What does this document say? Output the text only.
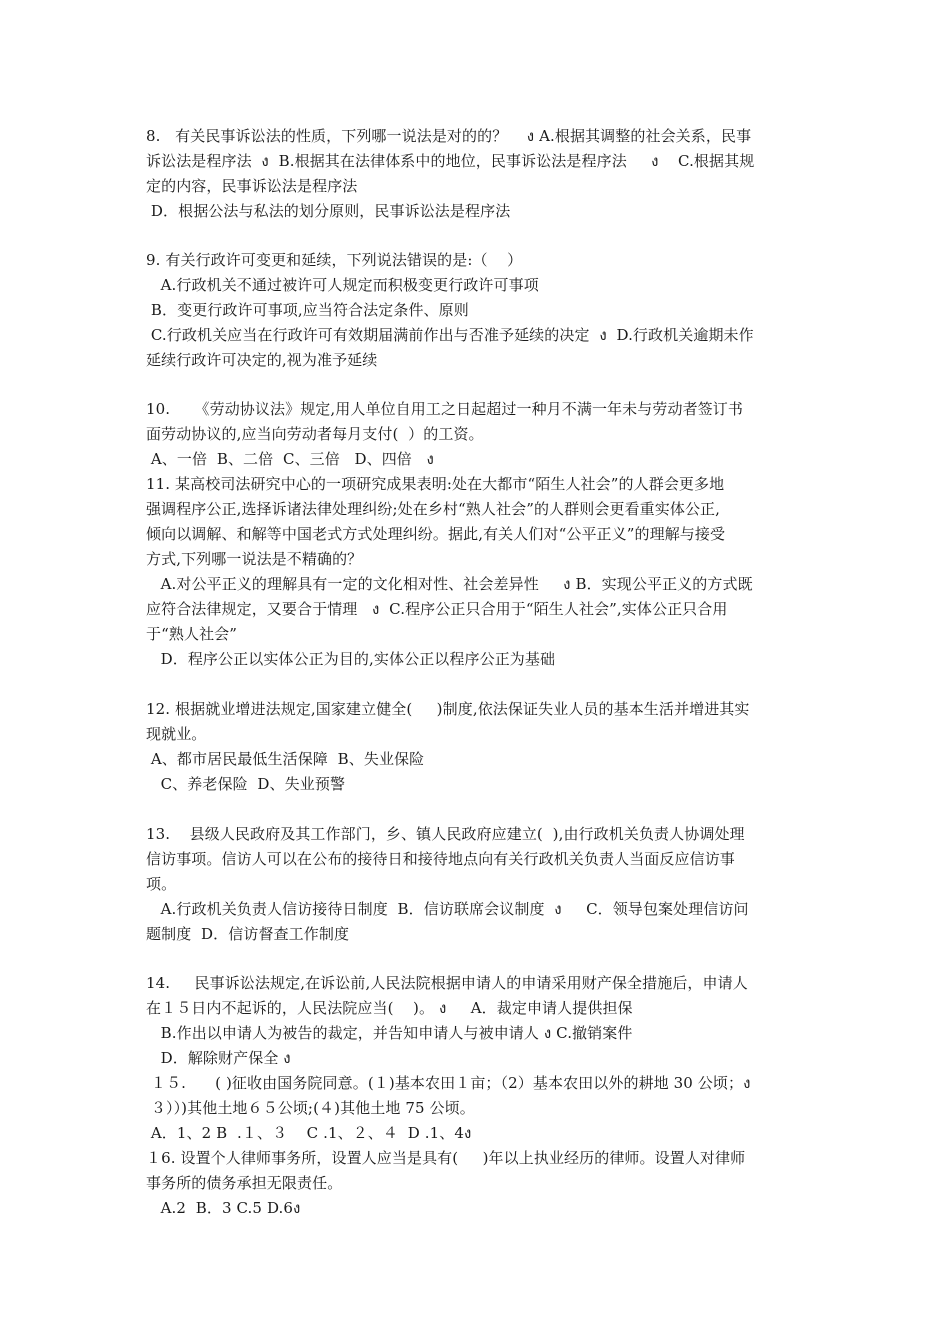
8.   有关民事诉讼法的性质，下列哪一说法是对的的？    ง A.根据其调整的社会关系，民事
诉讼法是程序法  ง  B.根据其在法律体系中的地位，民事诉讼法是程序法     ง    C.根据其规
定的内容，民事诉讼法是程序法
D．根据公法与私法的划分原则，民事诉讼法是程序法
9. 有关行政许可变更和延续，下列说法错误的是:（    ）
A.行政机关不通过被许可人规定而积极变更行政许可事项
B．变更行政许可事项,应当符合法定条件、原则
C.行政机关应当在行政许可有效期届满前作出与否准予延续的决定  ง  D.行政机关逾期未作
延续行政许可决定的,视为准予延续
10.     《劳动协议法》规定,用人单位自用工之日起超过一种月不满一年未与劳动者签订书
面劳动协议的,应当向劳动者每月支付(  ）的工资。
A、一倍  B、二倍  C、三倍   D、四倍   ง
11. 某高校司法研究中心的一项研究成果表明:处在大都市“陌生人社会”的人群会更多地
强调程序公正,选择诉诸法律处理纠纷;处在乡村“熟人社会”的人群则会更看重实体公正,
倾向以调解、和解等中国老式方式处理纠纷。据此,有关人们对“公平正义”的理解与接受
方式,下列哪一说法是不精确的？
A.对公平正义的理解具有一定的文化相对性、社会差异性     ง B．实现公平正义的方式既
应符合法律规定，又要合于情理   ง  C.程序公正只合用于“陌生人社会”,实体公正只合用
于“熟人社会”
D．程序公正以实体公正为目的,实体公正以程序公正为基础
12. 根据就业增进法规定,国家建立健全(     )制度,依法保证失业人员的基本生活并增进其实
现就业。
A、都市居民最低生活保障  B、失业保险
C、养老保险  D、失业预警
13.    县级人民政府及其工作部门，乡、镇人民政府应建立(  ),由行政机关负责人协调处理
信访事项。信访人可以在公布的接待日和接待地点向有关行政机关负责人当面反应信访事
项。
A.行政机关负责人信访接待日制度  B．信访联席会议制度  ง     C．领导包案处理信访问
题制度  D．信访督查工作制度
14.     民事诉讼法规定,在诉讼前,人民法院根据申请人的申请采用财产保全措施后，申请人
在１５日内不起诉的，人民法院应当(    )。 ง     A．裁定申请人提供担保
B.作出以申请人为被告的裁定，并告知申请人与被申请人 ง C.撤销案件
D．解除财产保全 ง
１５.      ( )征收由国务院同意。(１)基本农田１亩；（2）基本农田以外的耕地 30 公顷；ง
３））)其他土地６５公顷;(４)其他土地 75 公顷。
A．1、2 B  .１、３    C .1、２、４  D .1、4ง
１6. 设置个人律师事务所，设置人应当是具有(     )年以上执业经历的律师。设置人对律师
事务所的债务承担无限责任。
A.2  B．3 C.5 D.6ง
